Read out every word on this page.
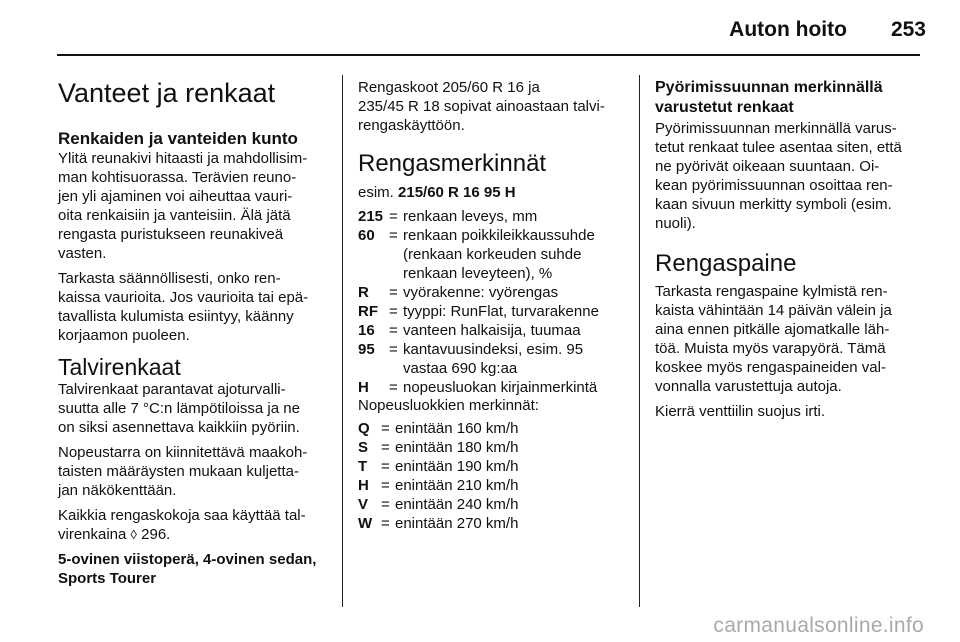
Auton hoito 253
Vanteet ja renkaat
Renkaiden ja vanteiden kunto
Ylitä reunakivi hitaasti ja mahdollisim-
man kohtisuorassa. Terävien reuno-
jen yli ajaminen voi aiheuttaa vauri-
oita renkaisiin ja vanteisiin. Älä jätä
rengasta puristukseen reunakiveä
vasten.
Tarkasta säännöllisesti, onko ren-
kaissa vaurioita. Jos vaurioita tai epä-
tavallista kulumista esiintyy, käänny
korjaamon puoleen.
Talvirenkaat
Talvirenkaat parantavat ajoturvalli-
suutta alle 7 °C:n lämpötiloissa ja ne
on siksi asennettava kaikkiin pyöriin.
Nopeustarra on kiinnitettävä maakoh-
taisten määräysten mukaan kuljetta-
jan näkökenttään.
Kaikkia rengaskokoja saa käyttää tal-
virenkaina ◊ 296.
5-ovinen viistoperä, 4-ovinen sedan,
Sports Tourer
Rengaskoot 205/60 R 16 ja
235/45 R 18 sopivat ainoastaan talvi-
rengaskäyttöön.
Rengasmerkinnät
esim. 215/60 R 16 95 H
215 = renkaan leveys, mm
60 = renkaan poikkileikkaussuhde
(renkaan korkeuden suhde
renkaan leveyteen), %
R	= vyörakenne: vyörengas
RF = tyyppi: RunFlat, turvarakenne
16 = vanteen halkaisija, tuumaa
95 = kantavuusindeksi, esim. 95
vastaa 690 kg:aa
H	= nopeusluokan kirjainmerkintä
Nopeusluokkien merkinnät:
Q = enintään 160 km/h
S = enintään 180 km/h
T = enintään 190 km/h
H = enintään 210 km/h
V = enintään 240 km/h
W = enintään 270 km/h
Pyörimissuunnan merkinnällä
varustetut renkaat
Pyörimissuunnan merkinnällä varus-
tetut renkaat tulee asentaa siten, että
ne pyörivät oikeaan suuntaan. Oi-
kean pyörimissuunnan osoittaa ren-
kaan sivuun merkitty symboli (esim.
nuoli).
Rengaspaine
Tarkasta rengaspaine kylmistä ren-
kaista vähintään 14 päivän välein ja
aina ennen pitkälle ajomatkalle läh-
töä. Muista myös varapyörä. Tämä
koskee myös rengaspaineiden val-
vonnalla varustettuja autoja.
Kierrä venttiilin suojus irti.
carmanualsonline.info
